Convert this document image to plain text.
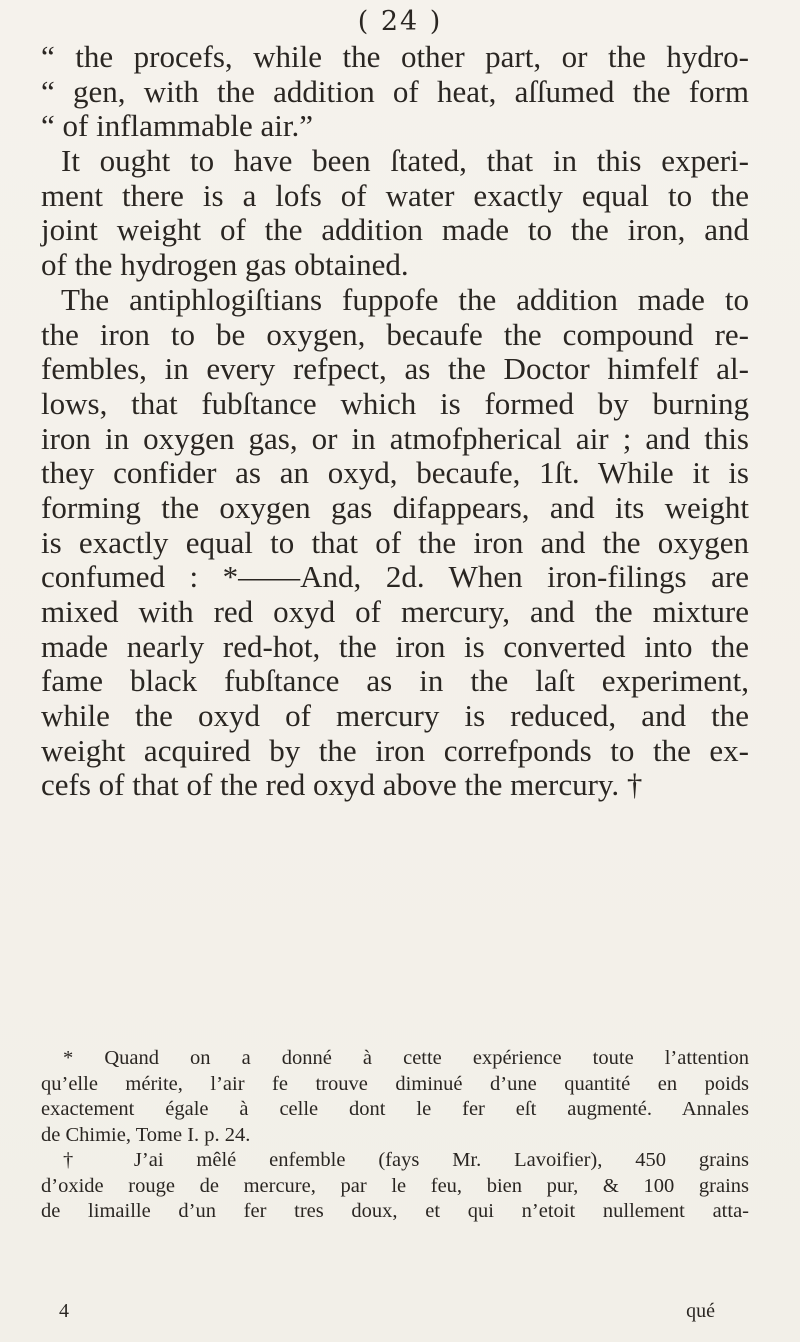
( 24 )
“ the procefs, while the other part, or the hydro-
“ gen, with the addition of heat, aſſumed the form
“ of inflammable air.”
It ought to have been ſtated, that in this experi-
ment there is a lofs of water exactly equal to the
joint weight of the addition made to the iron, and
of the hydrogen gas obtained.
The antiphlogiſtians fuppofe the addition made to
the iron to be oxygen, becaufe the compound re-
fembles, in every refpect, as the Doctor himfelf al-
lows, that fubſtance which is formed by burning
iron in oxygen gas, or in atmofpherical air ; and this
they confider as an oxyd, becaufe, 1ſt. While it is
forming the oxygen gas difappears, and its weight
is exactly equal to that of the iron and the oxygen
confumed : *——And, 2d. When iron-filings are
mixed with red oxyd of mercury, and the mixture
made nearly red-hot, the iron is converted into the
fame black fubſtance as in the laſt experiment,
while the oxyd of mercury is reduced, and the
weight acquired by the iron correfponds to the ex-
cefs of that of the red oxyd above the mercury. †
* Quand on a donné à cette expérience toute l’attention
qu’elle mérite, l’air fe trouve diminué d’une quantité en poids
exactement égale à celle dont le fer eſt augmenté. Annales
de Chimie, Tome I. p. 24.
† J’ai mêlé enfemble (fays Mr. Lavoifier), 450 grains
d’oxide rouge de mercure, par le feu, bien pur, & 100 grains
de limaille d’un fer tres doux, et qui n’etoit nullement atta-
4	qué
